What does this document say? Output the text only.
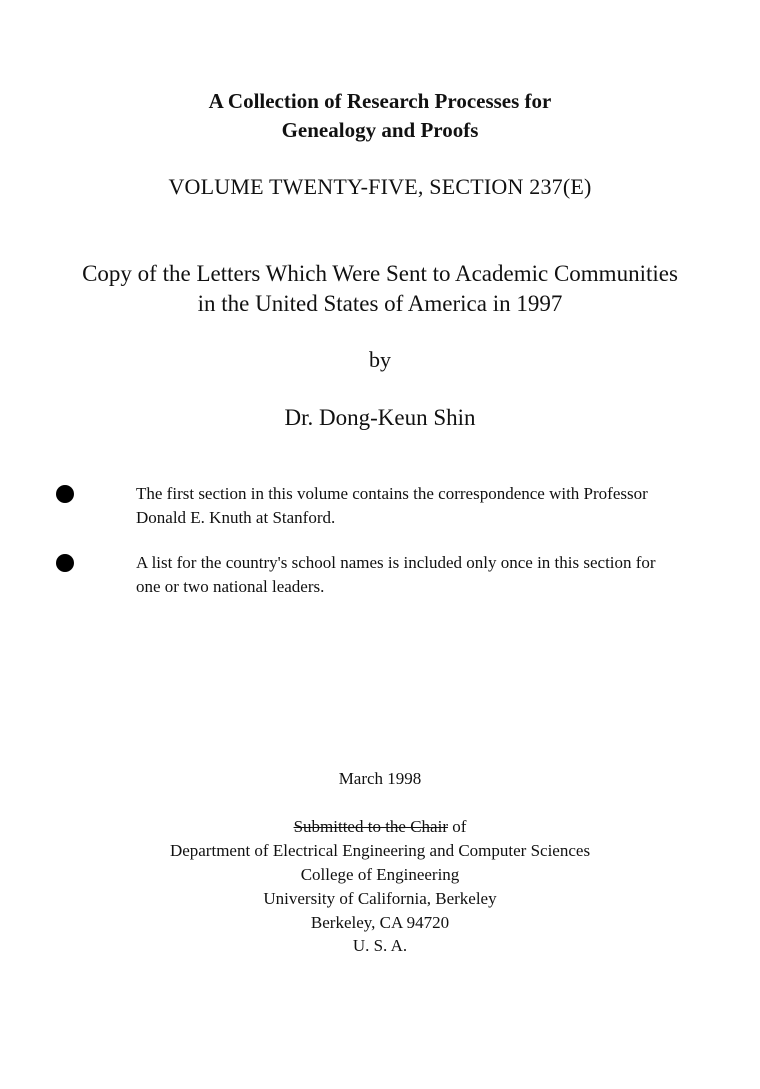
A Collection of Research Processes for
Genealogy and Proofs
VOLUME TWENTY-FIVE, SECTION 237(E)
Copy of the Letters Which Were Sent to Academic Communities
in the United States of America in 1997
by
Dr. Dong-Keun Shin
The first section in this volume contains the correspondence with Professor
Donald E. Knuth at Stanford.
A list for the country's school names is included only once in this section for
one or two national leaders.
March 1998
Submitted to the Chair of
Department of Electrical Engineering and Computer Sciences
College of Engineering
University of California, Berkeley
Berkeley, CA 94720
U. S. A.
